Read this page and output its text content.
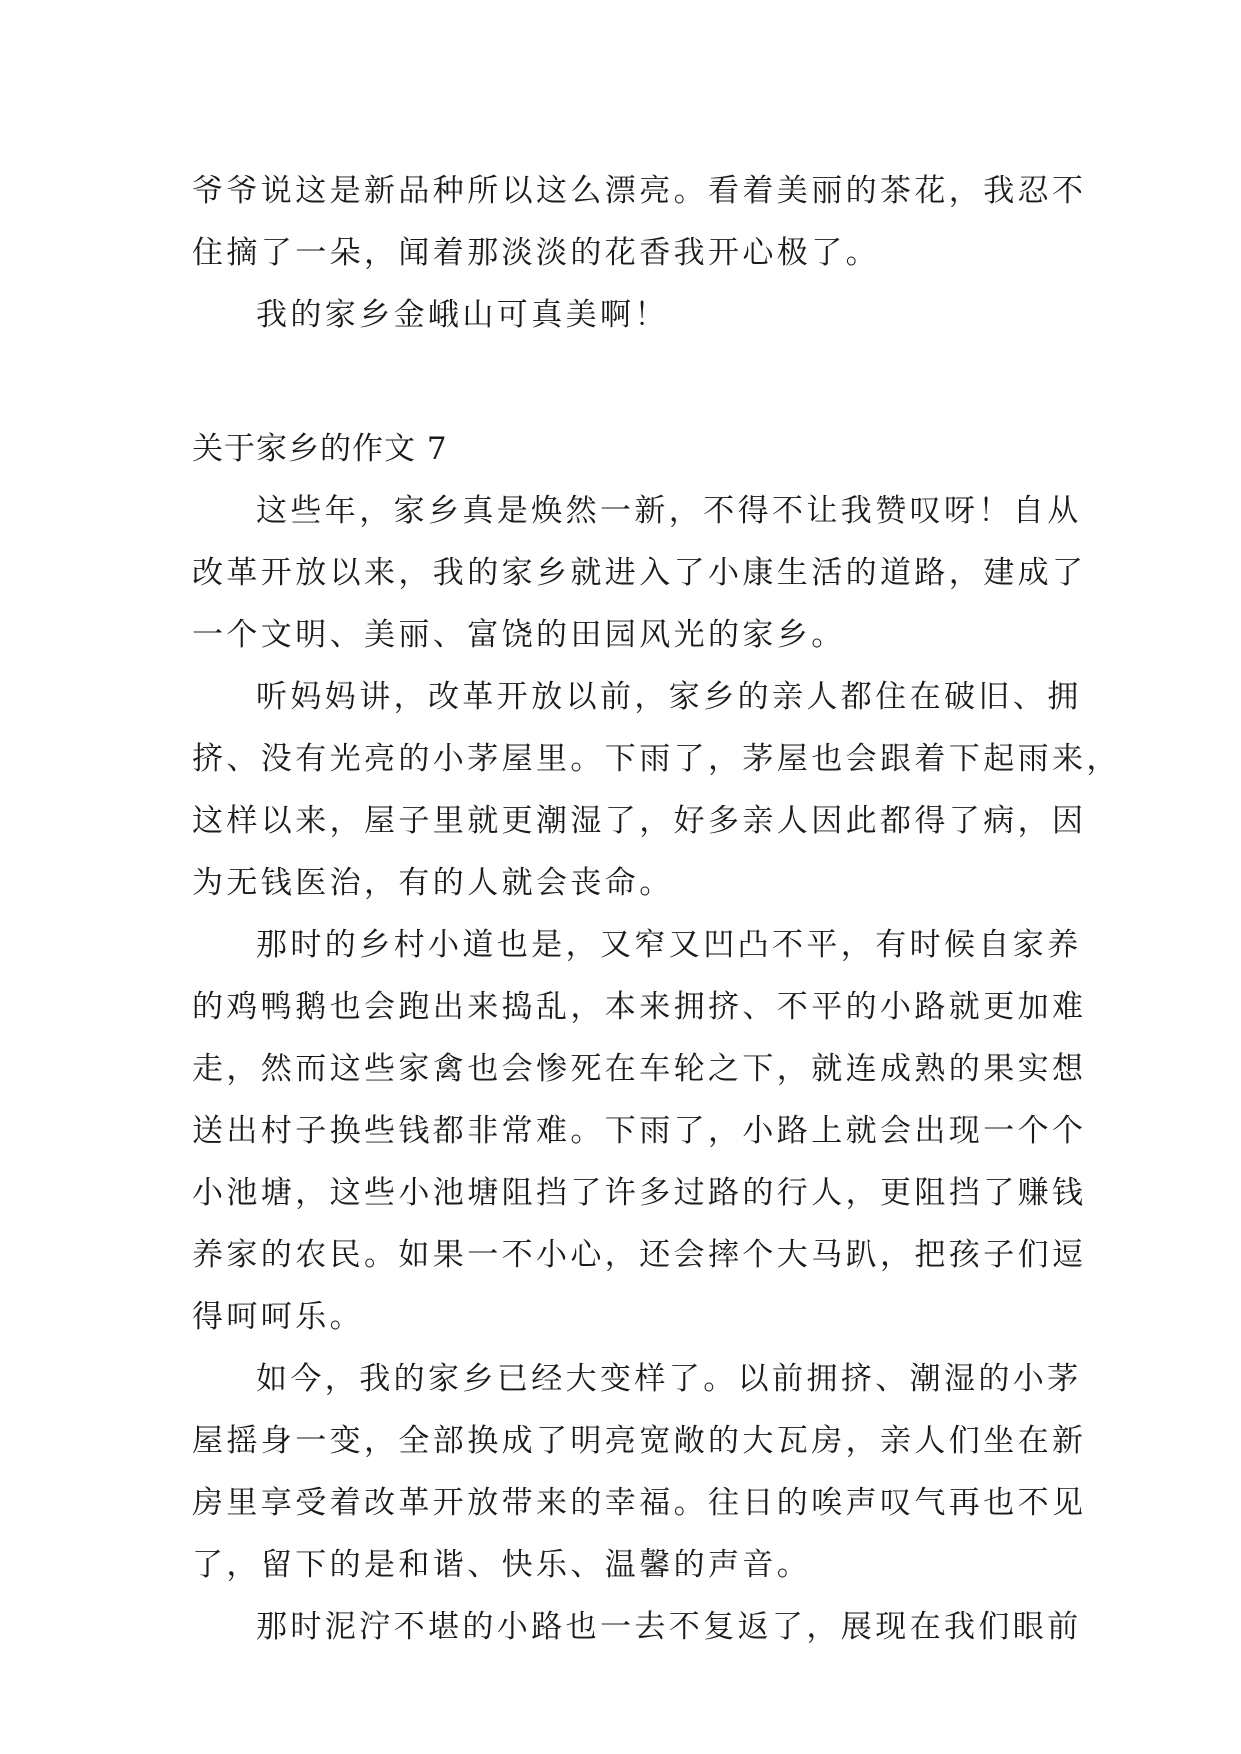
爷爷说这是新品种所以这么漂亮。看着美丽的茶花，我忍不
住摘了一朵，闻着那淡淡的花香我开心极了。
我的家乡金峨山可真美啊！
关于家乡的作文 7
这些年，家乡真是焕然一新，不得不让我赞叹呀！自从
改革开放以来，我的家乡就进入了小康生活的道路，建成了
一个文明、美丽、富饶的田园风光的家乡。
听妈妈讲，改革开放以前，家乡的亲人都住在破旧、拥
挤、没有光亮的小茅屋里。下雨了，茅屋也会跟着下起雨来，
这样以来，屋子里就更潮湿了，好多亲人因此都得了病，因
为无钱医治，有的人就会丧命。
那时的乡村小道也是，又窄又凹凸不平，有时候自家养
的鸡鸭鹅也会跑出来捣乱，本来拥挤、不平的小路就更加难
走，然而这些家禽也会惨死在车轮之下，就连成熟的果实想
送出村子换些钱都非常难。下雨了，小路上就会出现一个个
小池塘，这些小池塘阻挡了许多过路的行人，更阻挡了赚钱
养家的农民。如果一不小心，还会摔个大马趴，把孩子们逗
得呵呵乐。
如今，我的家乡已经大变样了。以前拥挤、潮湿的小茅
屋摇身一变，全部换成了明亮宽敞的大瓦房，亲人们坐在新
房里享受着改革开放带来的幸福。往日的唉声叹气再也不见
了，留下的是和谐、快乐、温馨的声音。
那时泥泞不堪的小路也一去不复返了，展现在我们眼前
